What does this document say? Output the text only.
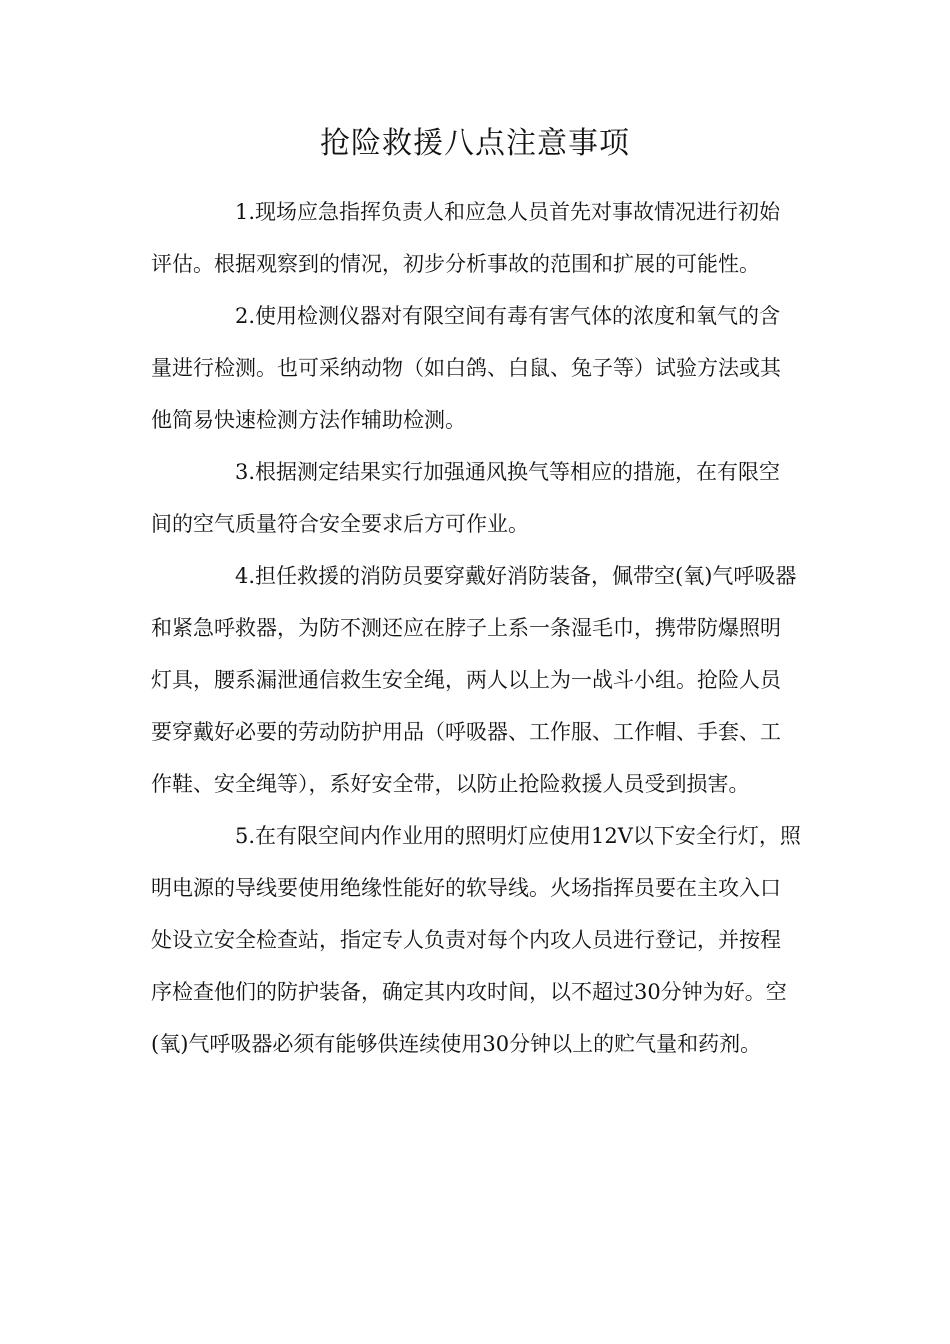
抢险救援八点注意事项

1.现场应急指挥负责人和应急人员首先对事故情况进行初始评估。根据观察到的情况，初步分析事故的范围和扩展的可能性。

2.使用检测仪器对有限空间有毒有害气体的浓度和氧气的含量进行检测。也可采纳动物（如白鸽、白鼠、兔子等）试验方法或其他简易快速检测方法作辅助检测。

3.根据测定结果实行加强通风换气等相应的措施，在有限空间的空气质量符合安全要求后方可作业。

4.担任救援的消防员要穿戴好消防装备，佩带空(氧)气呼吸器和紧急呼救器，为防不测还应在脖子上系一条湿毛巾，携带防爆照明灯具，腰系漏泄通信救生安全绳，两人以上为一战斗小组。抢险人员要穿戴好必要的劳动防护用品（呼吸器、工作服、工作帽、手套、工作鞋、安全绳等），系好安全带，以防止抢险救援人员受到损害。

5.在有限空间内作业用的照明灯应使用12V以下安全行灯，照明电源的导线要使用绝缘性能好的软导线。火场指挥员要在主攻入口处设立安全检查站，指定专人负责对每个内攻人员进行登记，并按程序检查他们的防护装备，确定其内攻时间，以不超过30分钟为好。空(氧)气呼吸器必须有能够供连续使用30分钟以上的贮气量和药剂。
